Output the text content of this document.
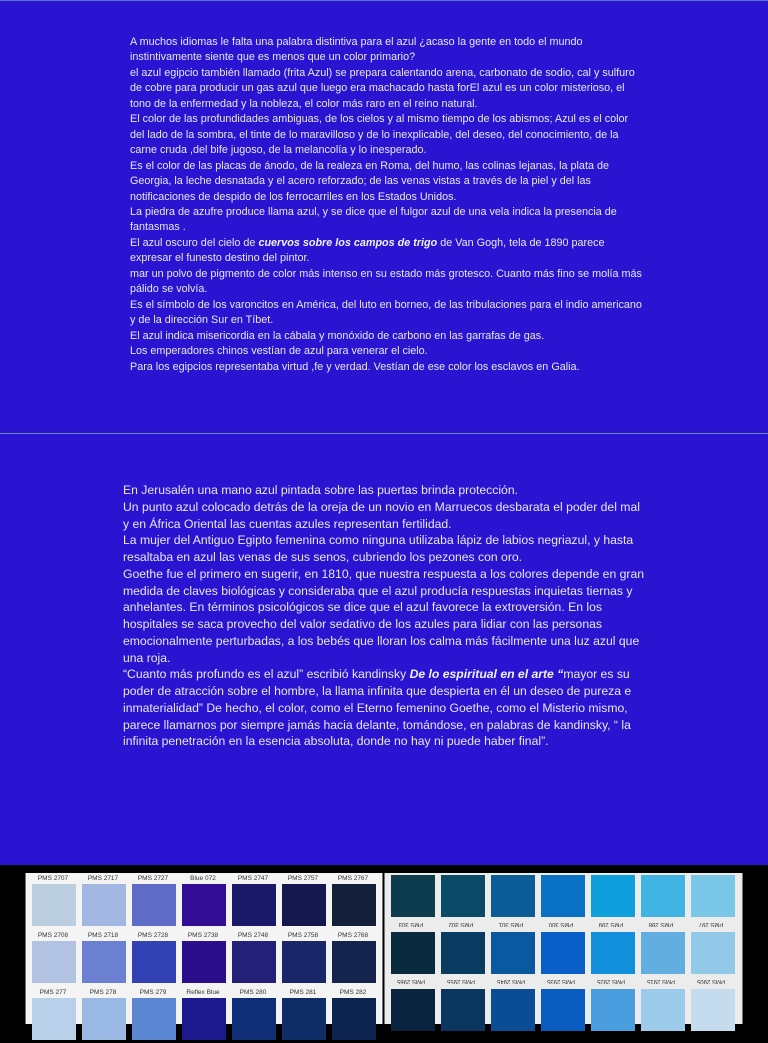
A muchos idiomas le falta una palabra distintiva para el azul ¿acaso la gente en todo el mundo instintivamente siente que es menos que un color primario?
el azul egipcio también llamado (frita Azul) se prepara calentando arena, carbonato de sodio, cal y sulfuro de cobre para producir un gas azul que luego era machacado hasta forEl azul es un color misterioso, el tono de la enfermedad y la nobleza, el color más raro en el reino natural.
El color de las profundidades ambiguas, de los cielos y al mismo tiempo de los abismos; Azul es el color del lado de la sombra, el tinte de lo maravilloso y de lo inexplicable, del deseo, del conocimiento, de la carne cruda ,del bife jugoso, de la melancolía y lo inesperado.
Es el color de las placas de ánodo, de la realeza en Roma, del humo, las colinas lejanas, la plata de Georgia, la leche desnatada y el acero reforzado; de las venas vistas a través de la piel y del las notificaciones de despido de los ferrocarriles en los Estados Unidos.
La piedra de azufre produce llama azul, y se dice que el fulgor azul de una vela indica la presencia de fantasmas .
El azul oscuro del cielo de cuervos sobre los campos de trigo de Van Gogh, tela de 1890 parece expresar el funesto destino del pintor.
mar un polvo de pigmento de color más intenso en su estado más grotesco. Cuanto más fino se molía más pálido se volvía.
Es el símbolo de los varoncitos en América, del luto en borneo, de las tribulaciones para el indio americano y de la dirección Sur en Tíbet.
El azul indica misericordia en la cábala y monóxido de carbono en las garrafas de gas.
Los emperadores chinos vestían de azul para venerar el cielo.
Para los egipcios representaba virtud ,fe y verdad. Vestían de ese color los esclavos en Galia.
En Jerusalén una mano azul pintada sobre las puertas brinda protección.
Un punto azul colocado detrás de la oreja de un novio en Marruecos desbarata el poder del mal y en África Oriental las cuentas azules representan fertilidad.
La mujer del Antiguo Egipto femenina como ninguna utilizaba lápiz de labios negriazul, y hasta resaltaba en azul las venas de sus senos, cubriendo los pezones con oro.
Goethe fue el primero en sugerir, en 1810, que nuestra respuesta a los colores depende en gran medida de claves biológicas y consideraba que el azul producía respuestas inquietas tiernas y anhelantes. En términos psicológicos se dice que el azul favorece la extroversión. En los hospitales se saca provecho del valor sedativo de los azules para lidiar con las personas emocionalmente perturbadas, a los bebés que lloran los calma más fácilmente una luz azul que una roja.
“Cuanto más profundo es el azul” escribió kandinsky De lo espiritual en el arte “mayor es su poder de atracción sobre el hombre, la llama infinita que despierta en él un deseo de pureza e inmaterialidad” De hecho, el color, como el Eterno femenino Goethe, como el Misterio mismo, parece llamarnos por siempre jamás hacia delante, tomándose, en palabras de kandinsky, “ la infinita penetración en la esencia absoluta, donde no hay ni puede haber final”.
PMS 2707	PMS 2717	PMS 2727	Blue 072	PMS 2747	PMS 2757	PMS 2767
PMS 2708	PMS 2718	PMS 2728	PMS 2738	PMS 2748	PMS 2758	PMS 2768
PMS 277	PMS 278	PMS 279	Reflex Blue	PMS 280	PMS 281	PMS 282
PMS 303	PMS 302	PMS 301	PMS 300	PMS 299	PMS 298	PMS 297
PMS 2965	PMS 2955	PMS 2945	PMS 2935	PMS 2925	PMS 2915	PMS 2905
